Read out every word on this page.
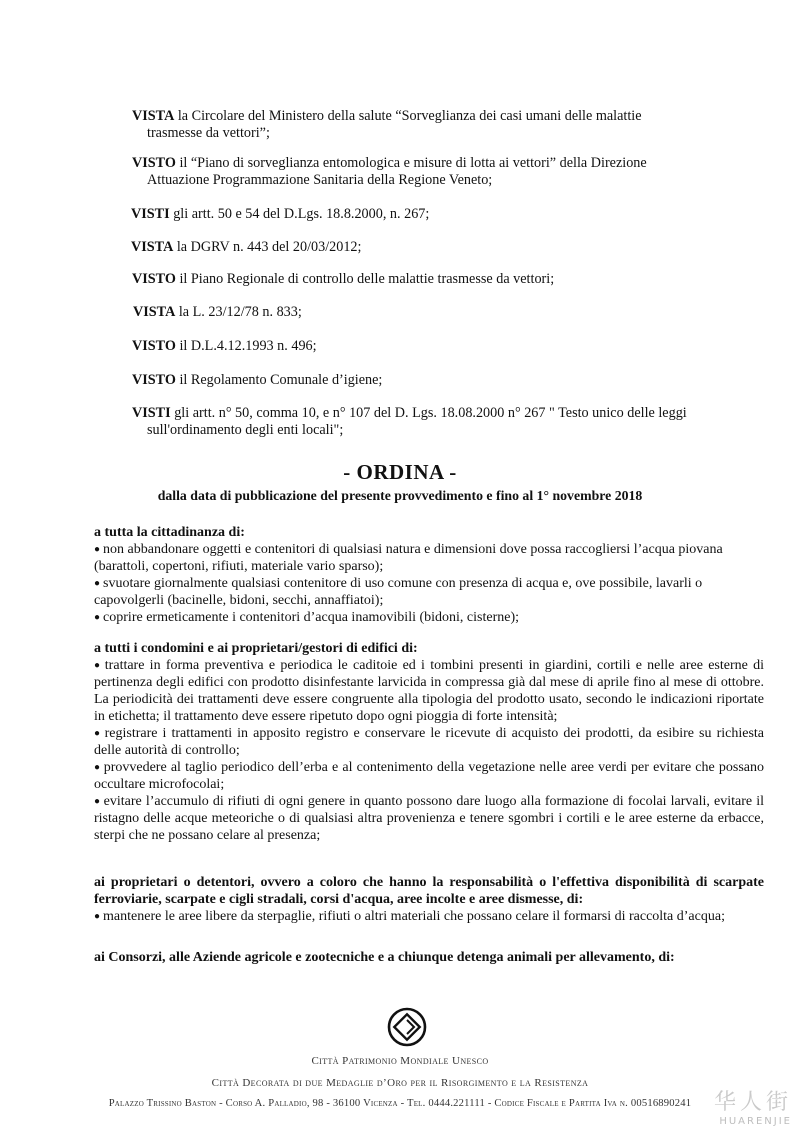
VISTA la Circolare del Ministero della salute “Sorveglianza dei casi umani delle malattie
trasmesse da vettori”;
VISTO il “Piano di sorveglianza entomologica e misure di lotta ai vettori” della Direzione
Attuazione Programmazione Sanitaria della Regione Veneto;
VISTI gli artt. 50 e 54 del D.Lgs. 18.8.2000, n. 267;
VISTA la DGRV n. 443 del 20/03/2012;
VISTO il Piano Regionale di controllo delle malattie trasmesse da vettori;
VISTA la L. 23/12/78 n. 833;
VISTO il D.L.4.12.1993 n. 496;
VISTO il Regolamento Comunale d’igiene;
VISTI gli artt. n° 50, comma 10, e n° 107 del D. Lgs. 18.08.2000 n° 267 " Testo unico delle leggi
sull'ordinamento degli enti locali";
- ORDINA -
dalla data di pubblicazione del presente provvedimento e fino al 1° novembre 2018
a tutta la cittadinanza di:
● non abbandonare oggetti e contenitori di qualsiasi natura e dimensioni dove possa raccogliersi l’acqua piovana (barattoli, copertoni, rifiuti, materiale vario sparso);
● svuotare giornalmente qualsiasi contenitore di uso comune con presenza di acqua e, ove possibile, lavarli o capovolgerli (bacinelle, bidoni, secchi, annaffiatoi);
● coprire ermeticamente i contenitori d’acqua inamovibili (bidoni, cisterne);
a tutti i condomini e ai proprietari/gestori di edifici di:
● trattare in forma preventiva e periodica le caditoie ed i tombini presenti in giardini, cortili e nelle aree esterne di pertinenza degli edifici con prodotto disinfestante larvicida in compressa già dal mese di aprile fino al mese di ottobre. La periodicità dei trattamenti deve essere congruente alla tipologia del prodotto usato, secondo le indicazioni riportate in etichetta; il trattamento deve essere ripetuto dopo ogni pioggia di forte intensità;
● registrare i trattamenti in apposito registro e conservare le ricevute di acquisto dei prodotti, da esibire su richiesta delle autorità di controllo;
● provvedere al taglio periodico dell’erba e al contenimento della vegetazione nelle aree verdi per evitare che possano occultare microfocolai;
● evitare l’accumulo di rifiuti di ogni genere in quanto possono dare luogo alla formazione di focolai larvali, evitare il ristagno delle acque meteoriche o di qualsiasi altra provenienza e tenere sgombri i cortili e le aree esterne da erbacce, sterpi che ne possano celare al presenza;
ai proprietari o detentori, ovvero a coloro che hanno la responsabilità o l'effettiva disponibilità di scarpate ferroviarie, scarpate e cigli stradali, corsi d'acqua, aree incolte e aree dismesse, di:
● mantenere le aree libere da sterpaglie, rifiuti o altri materiali che possano celare il formarsi di raccolta d’acqua;
ai Consorzi, alle Aziende agricole e zootecniche e a chiunque detenga animali per allevamento, di:
Città Patrimonio Mondiale Unesco
Città Decorata di due Medaglie d’Oro per il Risorgimento e la Resistenza
Palazzo Trissino Baston - Corso A. Palladio, 98 - 36100 Vicenza - Tel. 0444.221111 - Codice Fiscale e Partita Iva n. 00516890241	华人街
HUARENJIE
